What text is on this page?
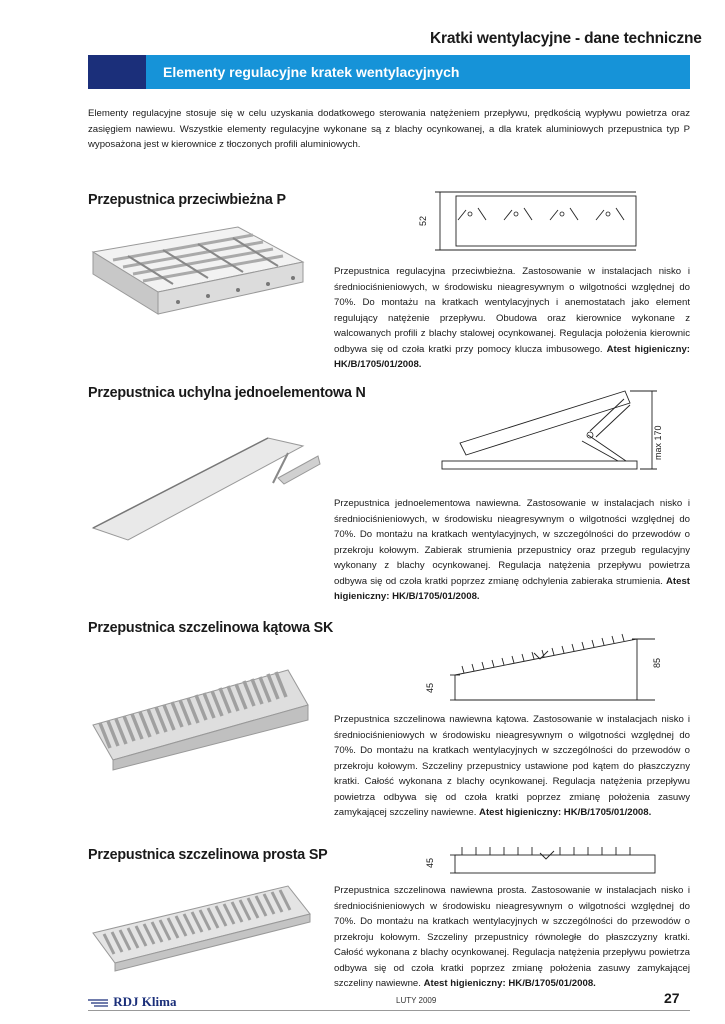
Kratki wentylacyjne - dane techniczne
Elementy regulacyjne kratek wentylacyjnych
Elementy regulacyjne stosuje się w celu uzyskania dodatkowego sterowania natężeniem przepływu, prędkością wypływu powietrza oraz zasięgiem nawiewu. Wszystkie elementy regulacyjne wykonane są z blachy ocynkowanej, a dla kratek aluminiowych przepustnica typ P wyposażona jest w kierownice z tłoczonych profili aluminiowych.
Przepustnica przeciwbieżna P
52
Przepustnica regulacyjna przeciwbieżna. Zastosowanie w instalacjach nisko i średniociśnieniowych, w środowisku nieagresywnym o wilgotności względnej do 70%. Do montażu na kratkach wentylacyjnych i anemostatach jako element regulujący natężenie przepływu. Obudowa oraz kierownice wykonane z walcowanych profili z blachy stalowej ocynkowanej. Regulacja położenia kierownic odbywa się od czoła kratki przy pomocy klucza imbusowego. Atest higieniczny: HK/B/1705/01/2008.
Przepustnica uchylna jednoelementowa N
max 170
Przepustnica jednoelementowa nawiewna. Zastosowanie w instalacjach nisko i średniociśnieniowych, w środowisku nieagresywnym o wilgotności względnej do 70%. Do montażu na kratkach wentylacyjnych, w szczególności do przewodów o przekroju kołowym. Zabierak strumienia przepustnicy oraz przegub regulacyjny wykonany z blachy ocynkowanej. Regulacja natężenia przepływu powietrza odbywa się od czoła kratki poprzez zmianę odchylenia zabieraka strumienia. Atest higieniczny: HK/B/1705/01/2008.
Przepustnica szczelinowa kątowa SK
45
85
Przepustnica szczelinowa nawiewna kątowa. Zastosowanie w instalacjach nisko i średniociśnieniowych w środowisku nieagresywnym o wilgotności względnej do 70%. Do montażu na kratkach wentylacyjnych w szczególności do przewodów o przekroju kołowym. Szczeliny przepustnicy ustawione pod kątem do płaszczyzny kratki. Całość wykonana z blachy ocynkowanej. Regulacja natężenia przepływu powietrza odbywa się od czoła kratki poprzez zmianę położenia zasuwy zamykającej szczeliny nawiewne. Atest higieniczny: HK/B/1705/01/2008.
Przepustnica szczelinowa prosta SP	45
Przepustnica szczelinowa nawiewna prosta. Zastosowanie w instalacjach nisko i średniociśnieniowych w środowisku nieagresywnym o wilgotności względnej do 70%. Do montażu na kratkach wentylacyjnych w szczególności do przewodów o przekroju kołowym. Szczeliny przepustnicy równoległe do płaszczyzny kratki. Całość wykonana z blachy ocynkowanej. Regulacja natężenia przepływu powietrza odbywa się od czoła kratki poprzez zmianę położenia zasuwy zamykającej szczeliny nawiewne. Atest higieniczny: HK/B/1705/01/2008.
RDJ Klima	LUTY 2009	27
